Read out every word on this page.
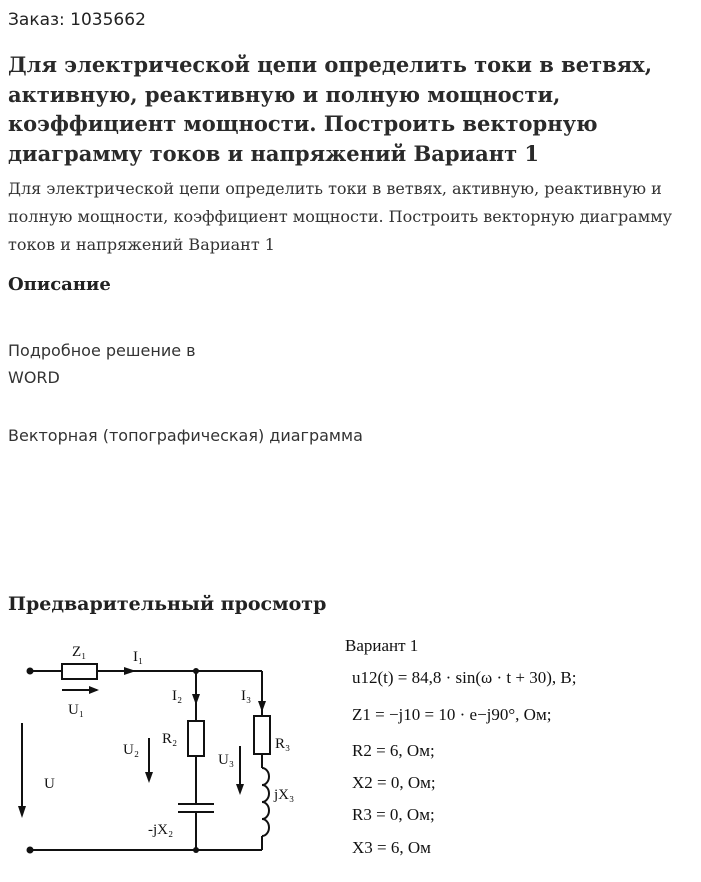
Заказ: 1035662
Для электрической цепи определить токи в ветвях, активную, реактивную и полную мощности, коэффициент мощности. Построить векторную диаграмму токов и напряжений Вариант 1

Для электрической цепи определить токи в ветвях, активную, реактивную и полную мощности, коэффициент мощности. Построить векторную диаграмму токов и напряжений Вариант 1

Описание
Подробное решение в
WORD
Векторная (топографическая) диаграмма
Предварительный просмотр
Z₁	I₁
U₁
I₂	I₃
R₂	R₃
U₂
U₃
U
jX₃
-jX₂
Вариант 1
u12(t) = 84,8 · sin(ω · t + 30), B;
Z1 = −j10 = 10 · e−j90°, Ом;
R2 = 6, Ом;
X2 = 0, Ом;
R3 = 0, Ом;
X3 = 6, Ом
